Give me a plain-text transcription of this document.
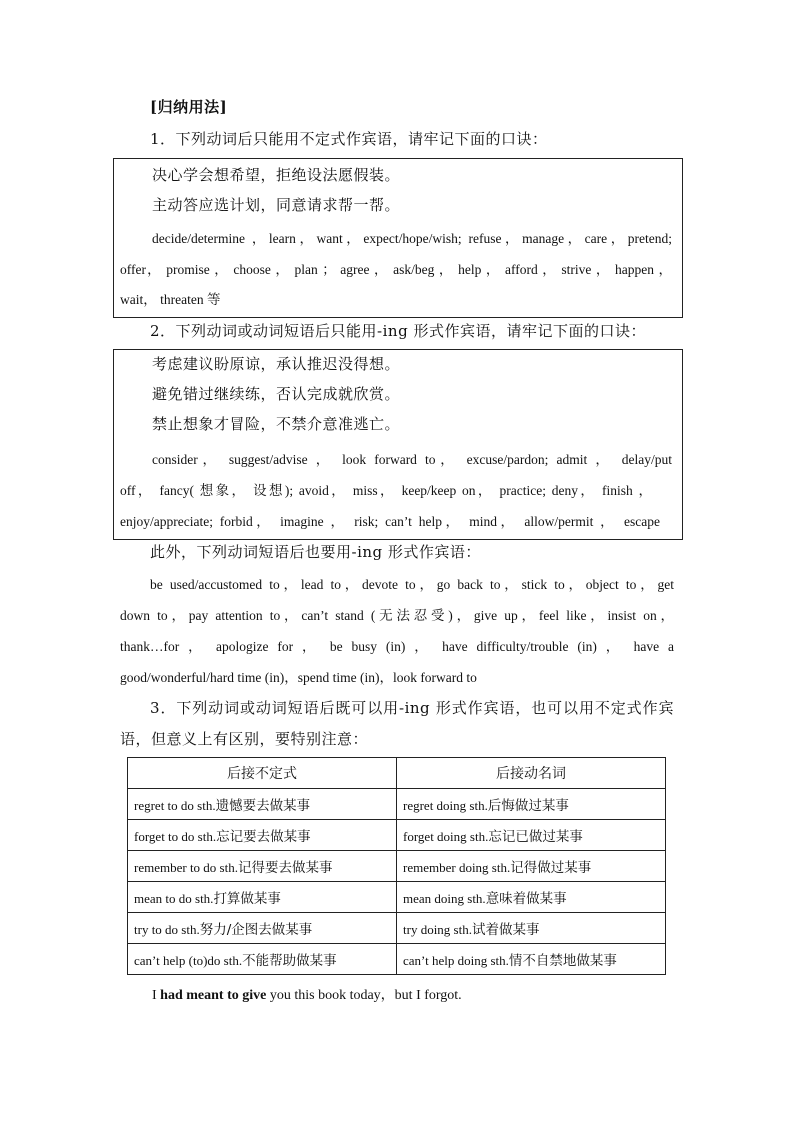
[归纳用法]
1．下列动词后只能用不定式作宾语，请牢记下面的口诀：
决心学会想希望，拒绝设法愿假装。
主动答应选计划，同意请求帮一帮。
decide/determine ，learn，want，expect/hope/wish; refuse，manage，care，pretend;
offer， promise ， choose ， plan ； agree ， ask/beg ， help ， afford ， strive ， happen ，
wait， threaten 等
2．下列动词或动词短语后只能用-ing 形式作宾语，请牢记下面的口诀：
考虑建议盼原谅，承认推迟没得想。
避免错过继续练，否认完成就欣赏。
禁止想象才冒险，不禁介意准逃亡。
consider， suggest/advise ， look forward to， excuse/pardon; admit ， delay/put
off， fancy( 想象， 设想); avoid， miss， keep/keep on， practice; deny， finish ，
enjoy/appreciate; forbid， imagine ， risk; can’t help， mind， allow/permit ， escape
此外，下列动词短语后也要用-ing 形式作宾语：
be used/accustomed to，lead to，devote to，go back to，stick to，object to，get
down to，pay attention to，can’t stand (无法忍受)，give up，feel like，insist on，
thank…for ， apologize for ， be busy (in) ， have difficulty/trouble (in) ， have a
good/wonderful/hard time (in)，spend time (in)，look forward to
3．下列动词或动词短语后既可以用-ing 形式作宾语，也可以用不定式作宾
语，但意义上有区别，要特别注意：
后接不定式	后接动名词
regret to do sth.遗憾要去做某事	regret doing sth.后悔做过某事
forget to do sth.忘记要去做某事	forget doing sth.忘记已做过某事
remember to do sth.记得要去做某事	remember doing sth.记得做过某事
mean to do sth.打算做某事	mean doing sth.意味着做某事
try to do sth.努力/企图去做某事	try doing sth.试着做某事
can’t help (to)do sth.不能帮助做某事	can’t help doing sth.情不自禁地做某事
I had meant to give you this book today，but I forgot.
